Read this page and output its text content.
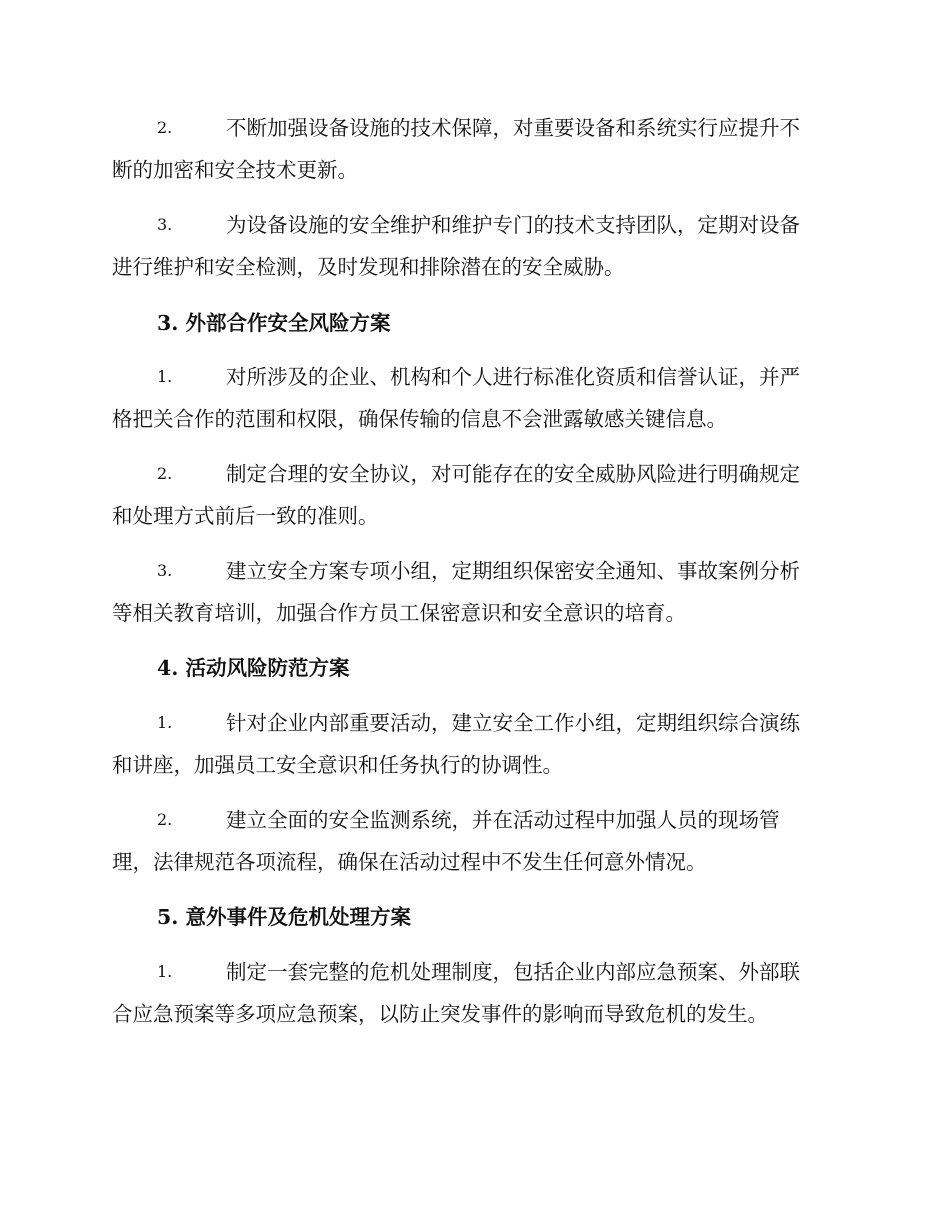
2.	不断加强设备设施的技术保障，对重要设备和系统实行应提升不
断的加密和安全技术更新。
3.	为设备设施的安全维护和维护专门的技术支持团队，定期对设备
进行维护和安全检测，及时发现和排除潜在的安全威胁。
3. 外部合作安全风险方案
1.	对所涉及的企业、机构和个人进行标准化资质和信誉认证，并严
格把关合作的范围和权限，确保传输的信息不会泄露敏感关键信息。
2.	制定合理的安全协议，对可能存在的安全威胁风险进行明确规定
和处理方式前后一致的准则。
3.	建立安全方案专项小组，定期组织保密安全通知、事故案例分析
等相关教育培训，加强合作方员工保密意识和安全意识的培育。
4. 活动风险防范方案
1.	针对企业内部重要活动，建立安全工作小组，定期组织综合演练
和讲座，加强员工安全意识和任务执行的协调性。
2.	建立全面的安全监测系统，并在活动过程中加强人员的现场管
理，法律规范各项流程，确保在活动过程中不发生任何意外情况。
5. 意外事件及危机处理方案
1.	制定一套完整的危机处理制度，包括企业内部应急预案、外部联
合应急预案等多项应急预案，以防止突发事件的影响而导致危机的发生。
